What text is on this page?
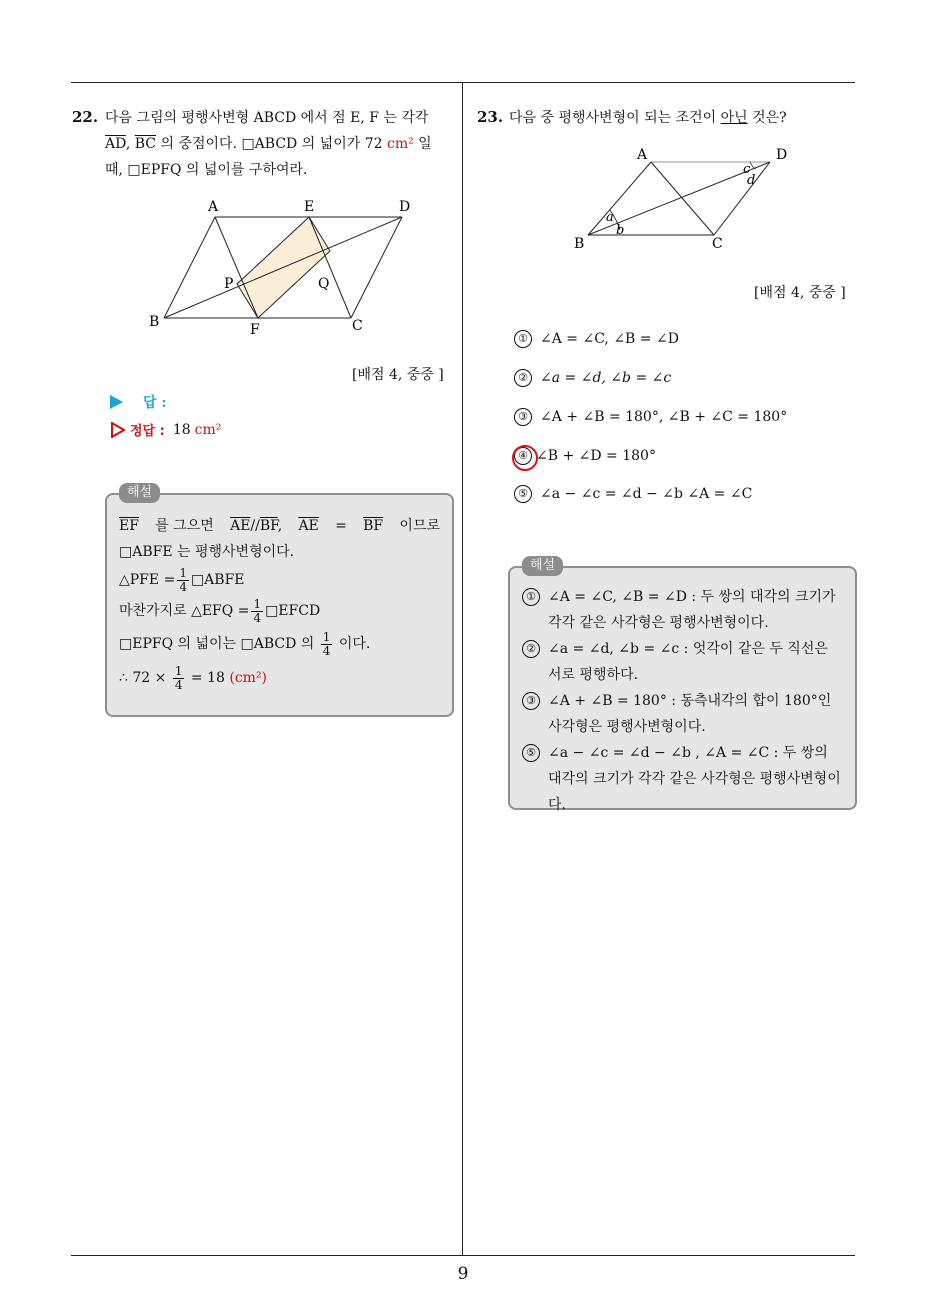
9
22. 다음 그림의 평행사변형 ABCD 에서 점 E, F 는 각각
$\overline{AD}$, $\overline{BC}$ 의 중점이다. □ABCD 의 넓이가 72 cm² 일
때, □EPFQ 의 넓이를 구하여라.
A	E	D
B	F	C
P	Q
[배점 4, 중중 ]
답 :
정답 : 18 cm²
$\overline{EF}$ 를 그으면 $\overline{AE}//\overline{BF}$, $\overline{AE} = \overline{BF}$ 이므로
□ABFE 는 평행사변형이다.
△PFE = $\frac{1}{4}$ □ABFE
마찬가지로 △EFQ = $\frac{1}{4}$ □EFCD
□EPFQ 의 넓이는 □ABCD 의 $\frac{1}{4}$ 이다.
∴ $72 \times \frac{1}{4} = 18$ (cm²)
해설
23. 다음 중 평행사변형이 되는 조건이 아닌 것은?
A	D
B	C
a
b
c
d
[배점 4, 중중 ]
① ∠A = ∠C, ∠B = ∠D
② ∠a = ∠d, ∠b = ∠c
③ ∠A + ∠B = 180°, ∠B + ∠C = 180°
④ ∠B + ∠D = 180°
⑤ ∠a − ∠c = ∠d − ∠b ∠A = ∠C
① ∠A = ∠C, ∠B = ∠D : 두 쌍의 대각의 크기가 각각 같은 사각형은 평행사변형이다.
② ∠a = ∠d, ∠b = ∠c : 엇각이 같은 두 직선은 서로 평행하다.
③ ∠A + ∠B = 180° : 동측내각의 합이 180°인 사각형은 평행사변형이다.
⑤ ∠a − ∠c = ∠d − ∠b , ∠A = ∠C : 두 쌍의 대각의 크기가 각각 같은 사각형은 평행사변형이다.
해설
